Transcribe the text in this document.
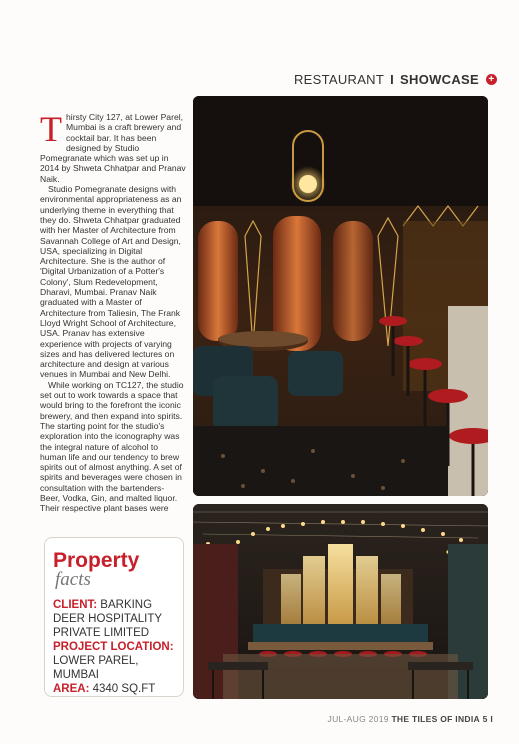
RESTAURANT I SHOWCASE +

Thirsty City 127, at Lower Parel, Mumbai is a craft brewery and cocktail bar. It has been designed by Studio Pomegranate which was set up in 2014 by Shweta Chhatpar and Pranav Naik.

Studio Pomegranate designs with environmental appropriateness as an underlying theme in everything that they do. Shweta Chhatpar graduated with her Master of Architecture from Savannah College of Art and Design, USA, specializing in Digital Architecture. She is the author of 'Digital Urbanization of a Potter's Colony', Slum Redevelopment, Dharavi, Mumbai. Pranav Naik graduated with a Master of Architecture from Taliesin, The Frank Lloyd Wright School of Architecture, USA. Pranav has extensive experience with projects of varying sizes and has delivered lectures on architecture and design at various venues in Mumbai and New Delhi.

While working on TC127, the studio set out to work towards a space that would bring to the forefront the iconic brewery, and then expand into spirits. The starting point for the studio's exploration into the iconography was the integral nature of alcohol to human life and our tendency to brew spirits out of almost anything. A set of spirits and beverages were chosen in consultation with the bartenders- Beer, Vodka, Gin, and malted liquor. Their respective plant bases were

Property
facts
CLIENT: BARKING DEER HOSPITALITY PRIVATE LIMITED
PROJECT LOCATION:
LOWER PAREL, MUMBAI
AREA: 4340 SQ.FT
JUL-AUG 2019 THE TILES OF INDIA 5 I
